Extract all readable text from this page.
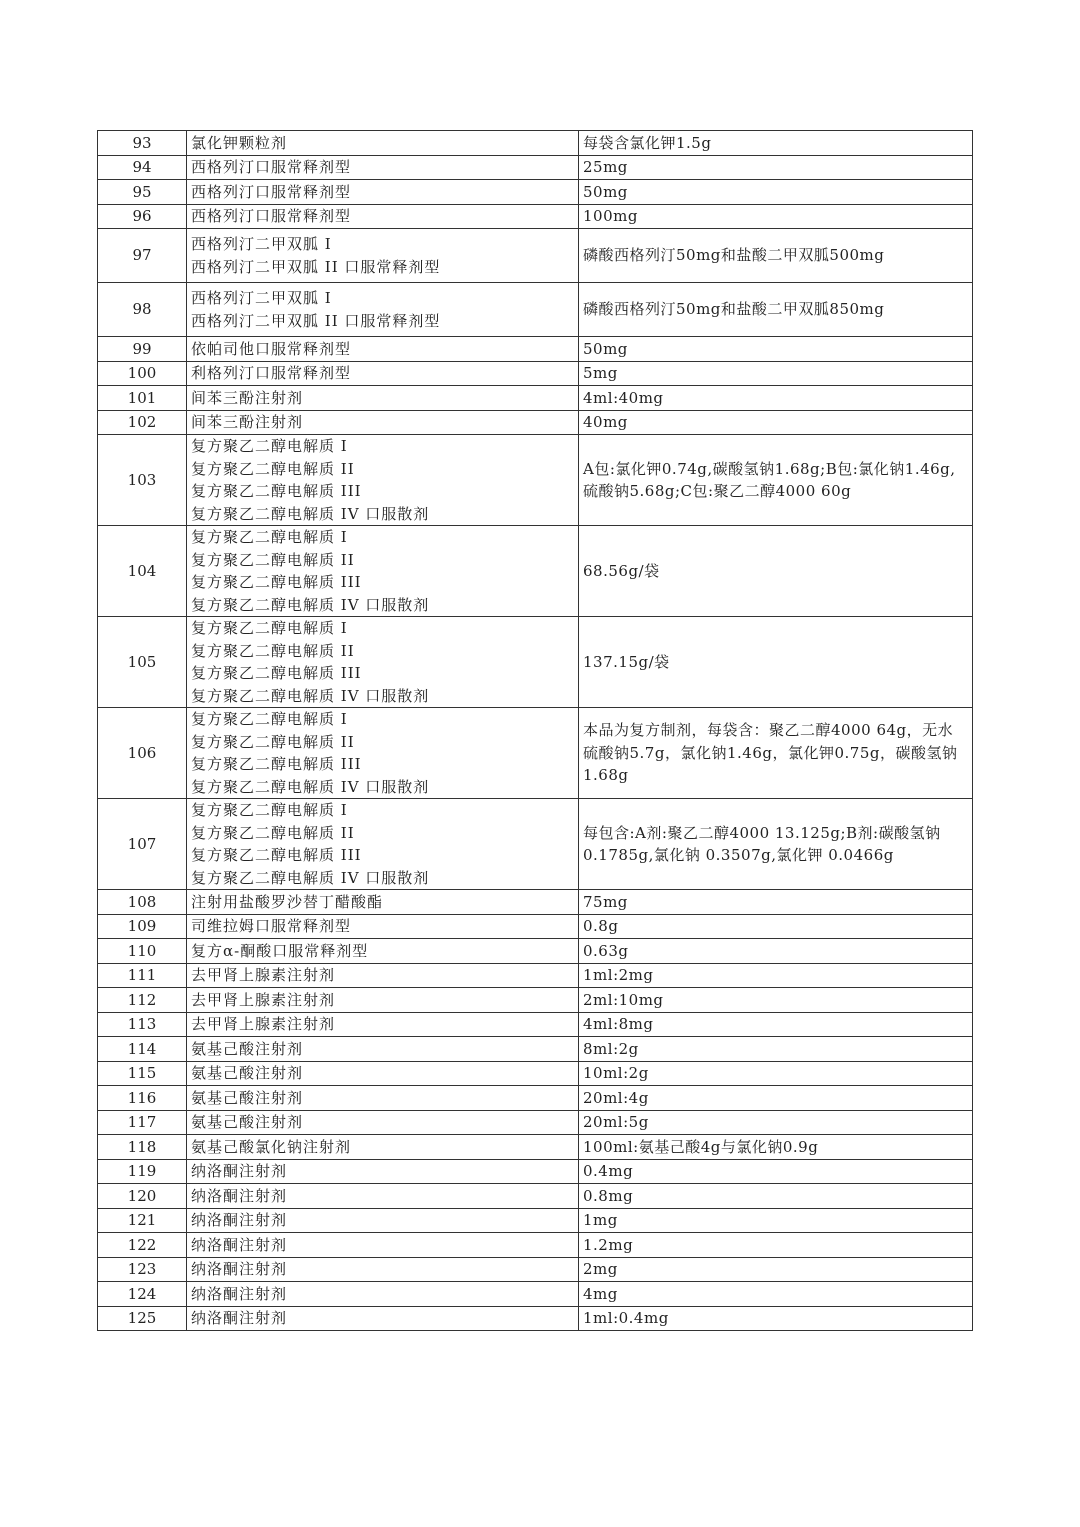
93	氯化钾颗粒剂	每袋含氯化钾1.5g
94	西格列汀口服常释剂型	25mg
95	西格列汀口服常释剂型	50mg
96	西格列汀口服常释剂型	100mg
97	西格列汀二甲双胍 I
西格列汀二甲双胍 II 口服常释剂型	磷酸西格列汀50mg和盐酸二甲双胍500mg
98	西格列汀二甲双胍 I
西格列汀二甲双胍 II 口服常释剂型	磷酸西格列汀50mg和盐酸二甲双胍850mg
99	依帕司他口服常释剂型	50mg
100	利格列汀口服常释剂型	5mg
101	间苯三酚注射剂	4ml:40mg
102	间苯三酚注射剂	40mg
103	复方聚乙二醇电解质 I
复方聚乙二醇电解质 II
复方聚乙二醇电解质 III
复方聚乙二醇电解质 IV 口服散剂	A包:氯化钾0.74g,碳酸氢钠1.68g;B包:氯化钠1.46g,硫酸钠5.68g;C包:聚乙二醇4000 60g
104	复方聚乙二醇电解质 I
复方聚乙二醇电解质 II
复方聚乙二醇电解质 III
复方聚乙二醇电解质 IV 口服散剂	68.56g/袋
105	复方聚乙二醇电解质 I
复方聚乙二醇电解质 II
复方聚乙二醇电解质 III
复方聚乙二醇电解质 IV 口服散剂	137.15g/袋
106	复方聚乙二醇电解质 I
复方聚乙二醇电解质 II
复方聚乙二醇电解质 III
复方聚乙二醇电解质 IV 口服散剂	本品为复方制剂，每袋含：聚乙二醇4000 64g，无水硫酸钠5.7g，氯化钠1.46g，氯化钾0.75g，碳酸氢钠1.68g
107	复方聚乙二醇电解质 I
复方聚乙二醇电解质 II
复方聚乙二醇电解质 III
复方聚乙二醇电解质 IV 口服散剂	每包含:A剂:聚乙二醇4000 13.125g;B剂:碳酸氢钠 0.1785g,氯化钠 0.3507g,氯化钾 0.0466g
108	注射用盐酸罗沙替丁醋酸酯	75mg
109	司维拉姆口服常释剂型	0.8g
110	复方α-酮酸口服常释剂型	0.63g
111	去甲肾上腺素注射剂	1ml:2mg
112	去甲肾上腺素注射剂	2ml:10mg
113	去甲肾上腺素注射剂	4ml:8mg
114	氨基己酸注射剂	8ml:2g
115	氨基己酸注射剂	10ml:2g
116	氨基己酸注射剂	20ml:4g
117	氨基己酸注射剂	20ml:5g
118	氨基己酸氯化钠注射剂	100ml:氨基己酸4g与氯化钠0.9g
119	纳洛酮注射剂	0.4mg
120	纳洛酮注射剂	0.8mg
121	纳洛酮注射剂	1mg
122	纳洛酮注射剂	1.2mg
123	纳洛酮注射剂	2mg
124	纳洛酮注射剂	4mg
125	纳洛酮注射剂	1ml:0.4mg
